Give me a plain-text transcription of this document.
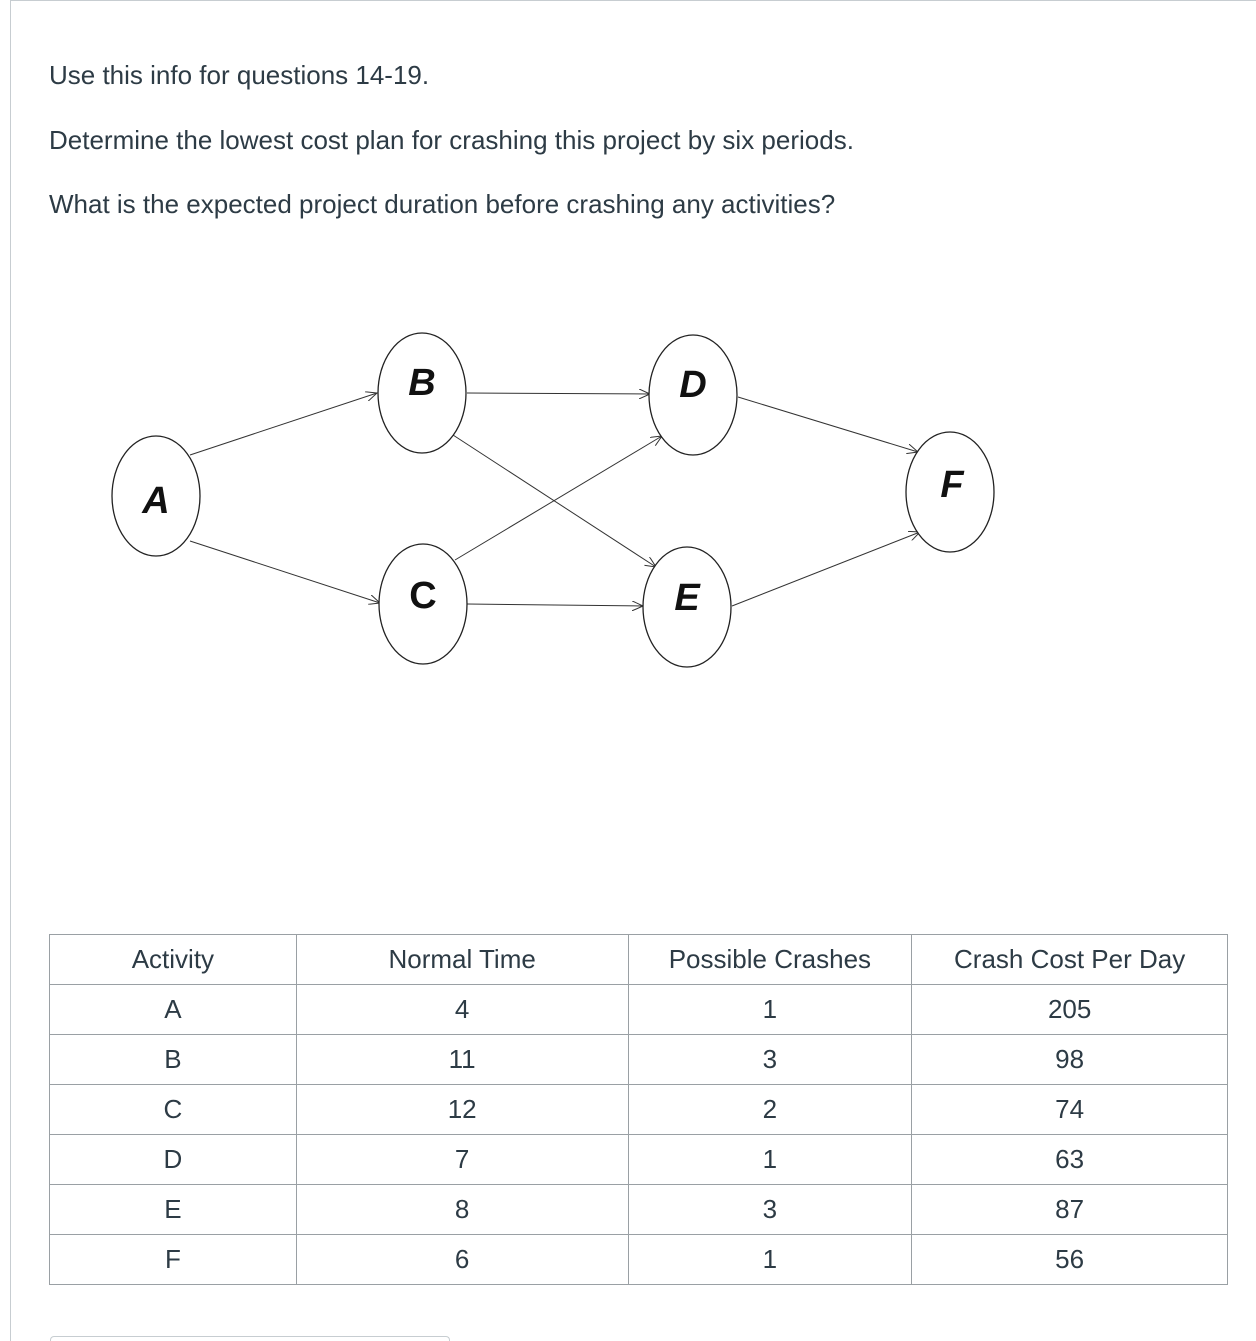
Use this info for questions 14-19.
Determine the lowest cost plan for crashing this project by six periods.
What is the expected project duration before crashing any activities?
A
B
C
D
E
F
Activity	Normal Time	Possible Crashes	Crash Cost Per Day
A	4	1	205
B	11	3	98
C	12	2	74
D	7	1	63
E	8	3	87
F	6	1	56
